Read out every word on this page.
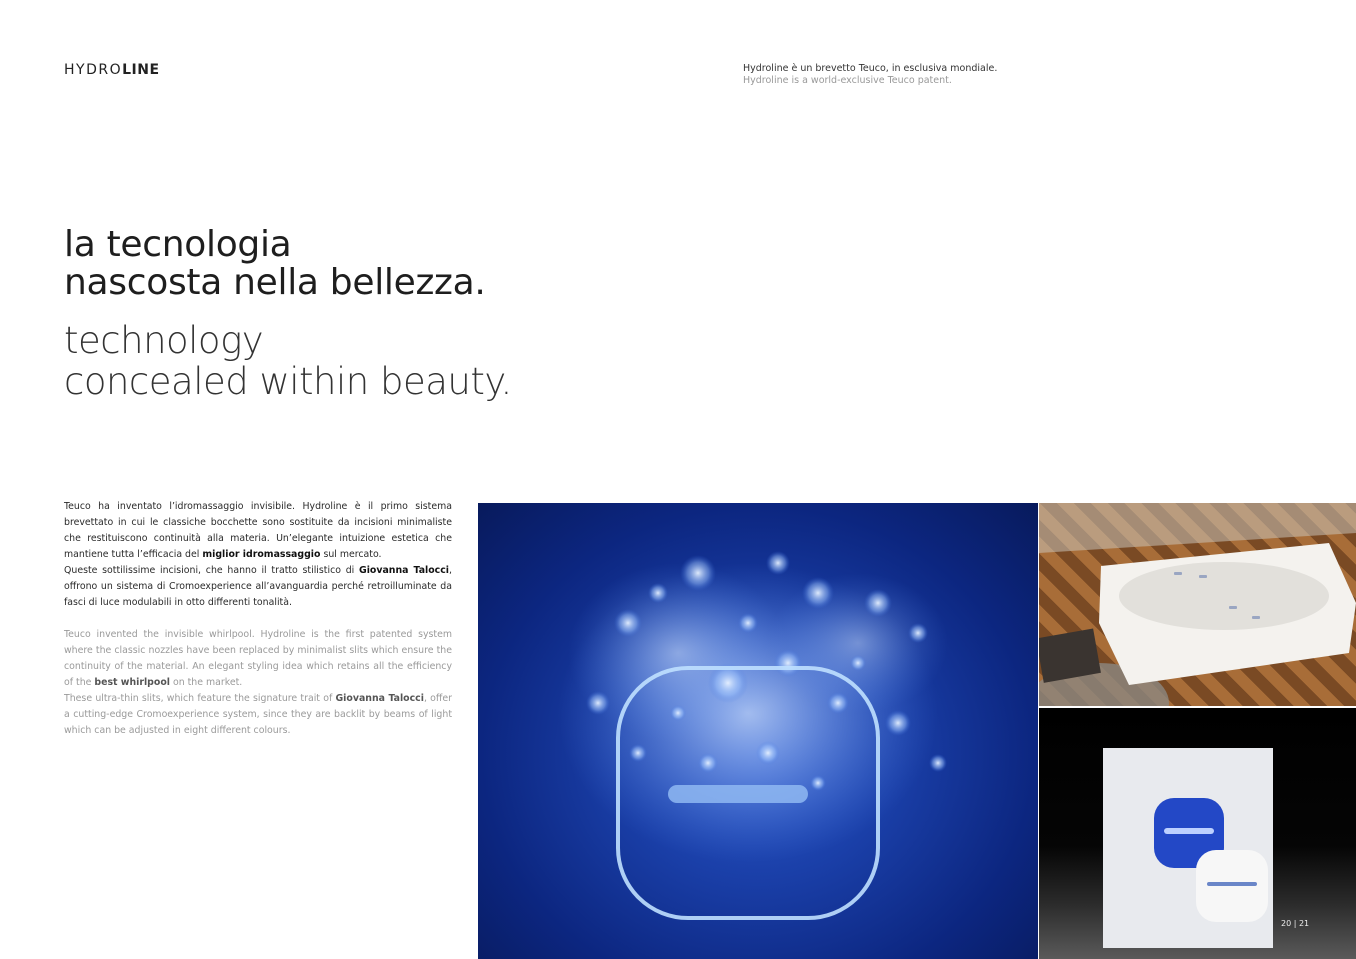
HYDROLINE	Hydroline è un brevetto Teuco, in esclusiva mondiale.
Hydroline is a world-exclusive Teuco patent.
la tecnologia
nascosta nella bellezza.
technology
concealed within beauty.

Teuco ha inventato l’idromassaggio invisibile. Hydroline è il primo sistema brevettato in cui le classiche bocchette sono sostituite da incisioni minimaliste che restituiscono continuità alla materia. Un’elegante intuizione estetica che mantiene tutta l’efficacia del miglior idromassaggio sul mercato.

Queste sottilissime incisioni, che hanno il tratto stilistico di Giovanna Talocci, offrono un sistema di Cromoexperience all’avanguardia perché retroilluminate da fasci di luce modulabili in otto differenti tonalità.

Teuco invented the invisible whirlpool. Hydroline is the first patented system where the classic nozzles have been replaced by minimalist slits which ensure the continuity of the material. An elegant styling idea which retains all the efficiency of the best whirlpool on the market.

These ultra-thin slits, which feature the signature trait of Giovanna Talocci, offer a cutting-edge Cromoexperience system, since they are backlit by beams of light which can be adjusted in eight different colours.

20 | 21
